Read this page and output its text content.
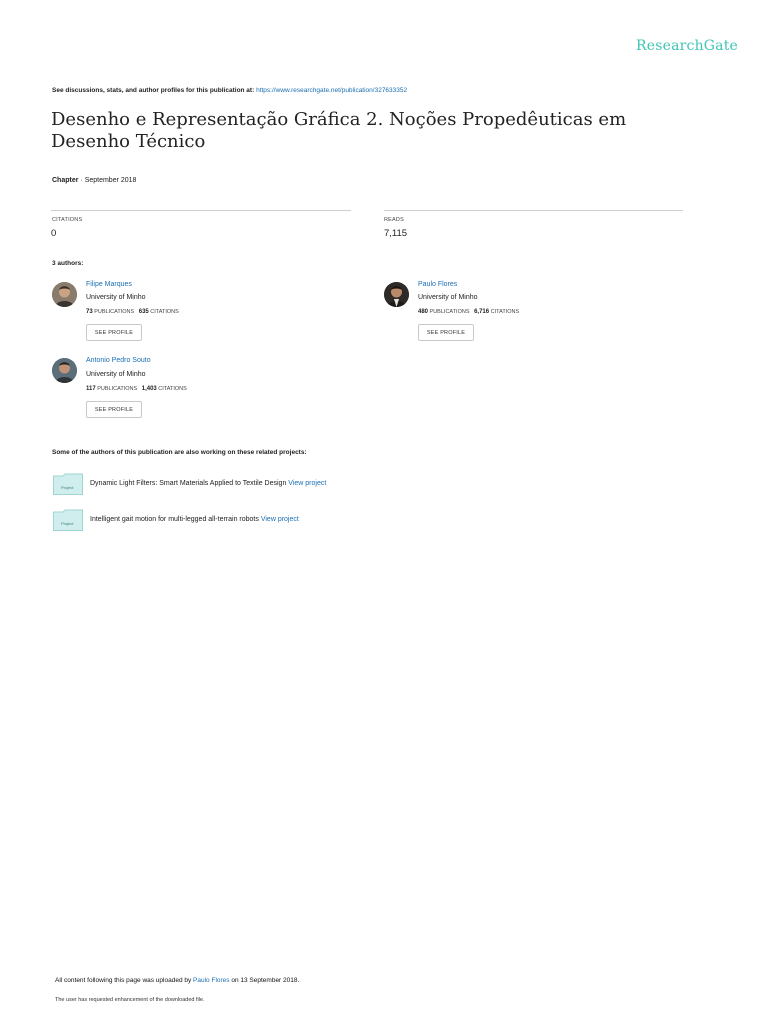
ResearchGate
See discussions, stats, and author profiles for this publication at: https://www.researchgate.net/publication/327633352
Desenho e Representação Gráfica 2. Noções Propedêuticas em Desenho Técnico
Chapter · September 2018
CITATIONS
0
READS
7,115
3 authors:
Filipe Marques
University of Minho
73 PUBLICATIONS 635 CITATIONS
SEE PROFILE
Paulo Flores
University of Minho
480 PUBLICATIONS 6,716 CITATIONS
SEE PROFILE
Antonio Pedro Souto
University of Minho
117 PUBLICATIONS 1,403 CITATIONS
SEE PROFILE
Some of the authors of this publication are also working on these related projects:
Project
Dynamic Light Filters: Smart Materials Applied to Textile Design View project
Project
Intelligent gait motion for multi-legged all-terrain robots View project
All content following this page was uploaded by Paulo Flores on 13 September 2018.
The user has requested enhancement of the downloaded file.
